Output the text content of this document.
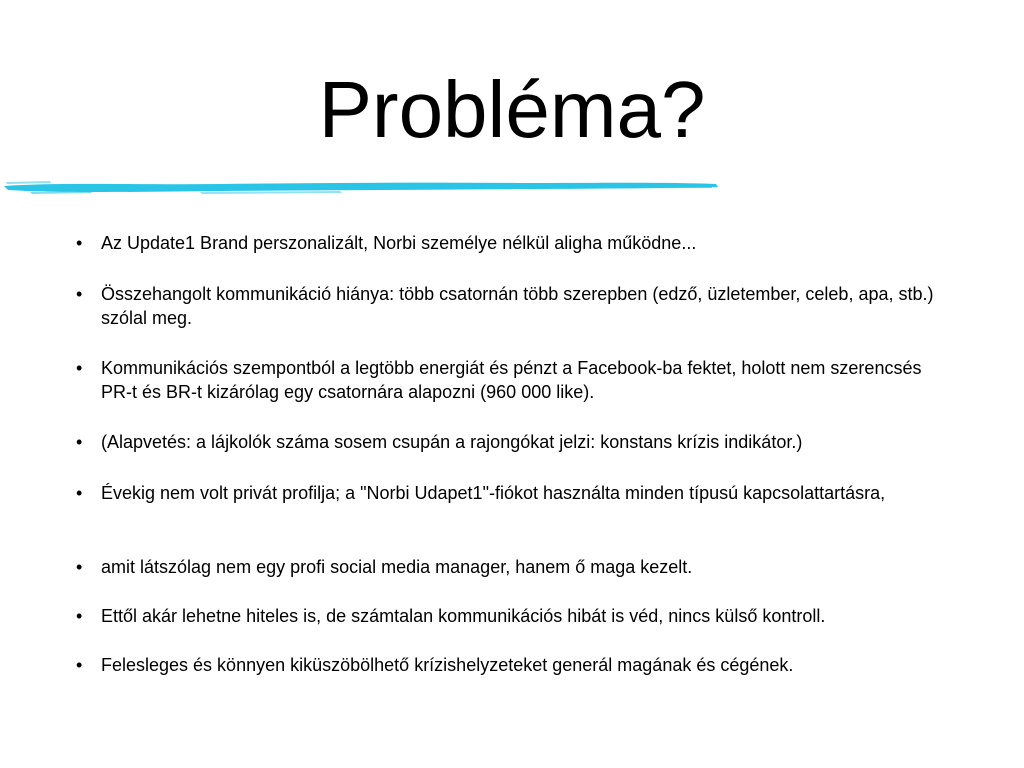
Probléma?
•	Az Update1 Brand perszonalizált, Norbi személye nélkül aligha működne...
•	Összehangolt kommunikáció hiánya: több csatornán több szerepben (edző, üzletember, celeb, apa, stb.) szólal meg.
•	Kommunikációs szempontból a legtöbb energiát és pénzt a Facebook-ba fektet, holott nem szerencsés PR-t és BR-t kizárólag egy csatornára alapozni (960 000 like).
•	(Alapvetés: a lájkolók száma sosem csupán a rajongókat jelzi: konstans krízis indikátor.)
•	Évekig nem volt privát profilja; a "Norbi Udapet1"-fiókot használta minden típusú kapcsolattartásra,
•	amit látszólag nem egy profi social media manager, hanem ő maga kezelt.
•	Ettől akár lehetne hiteles is, de számtalan kommunikációs hibát is véd, nincs külső kontroll.
•	Felesleges és könnyen kiküszöbölhető krízishelyzeteket generál magának és cégének.
